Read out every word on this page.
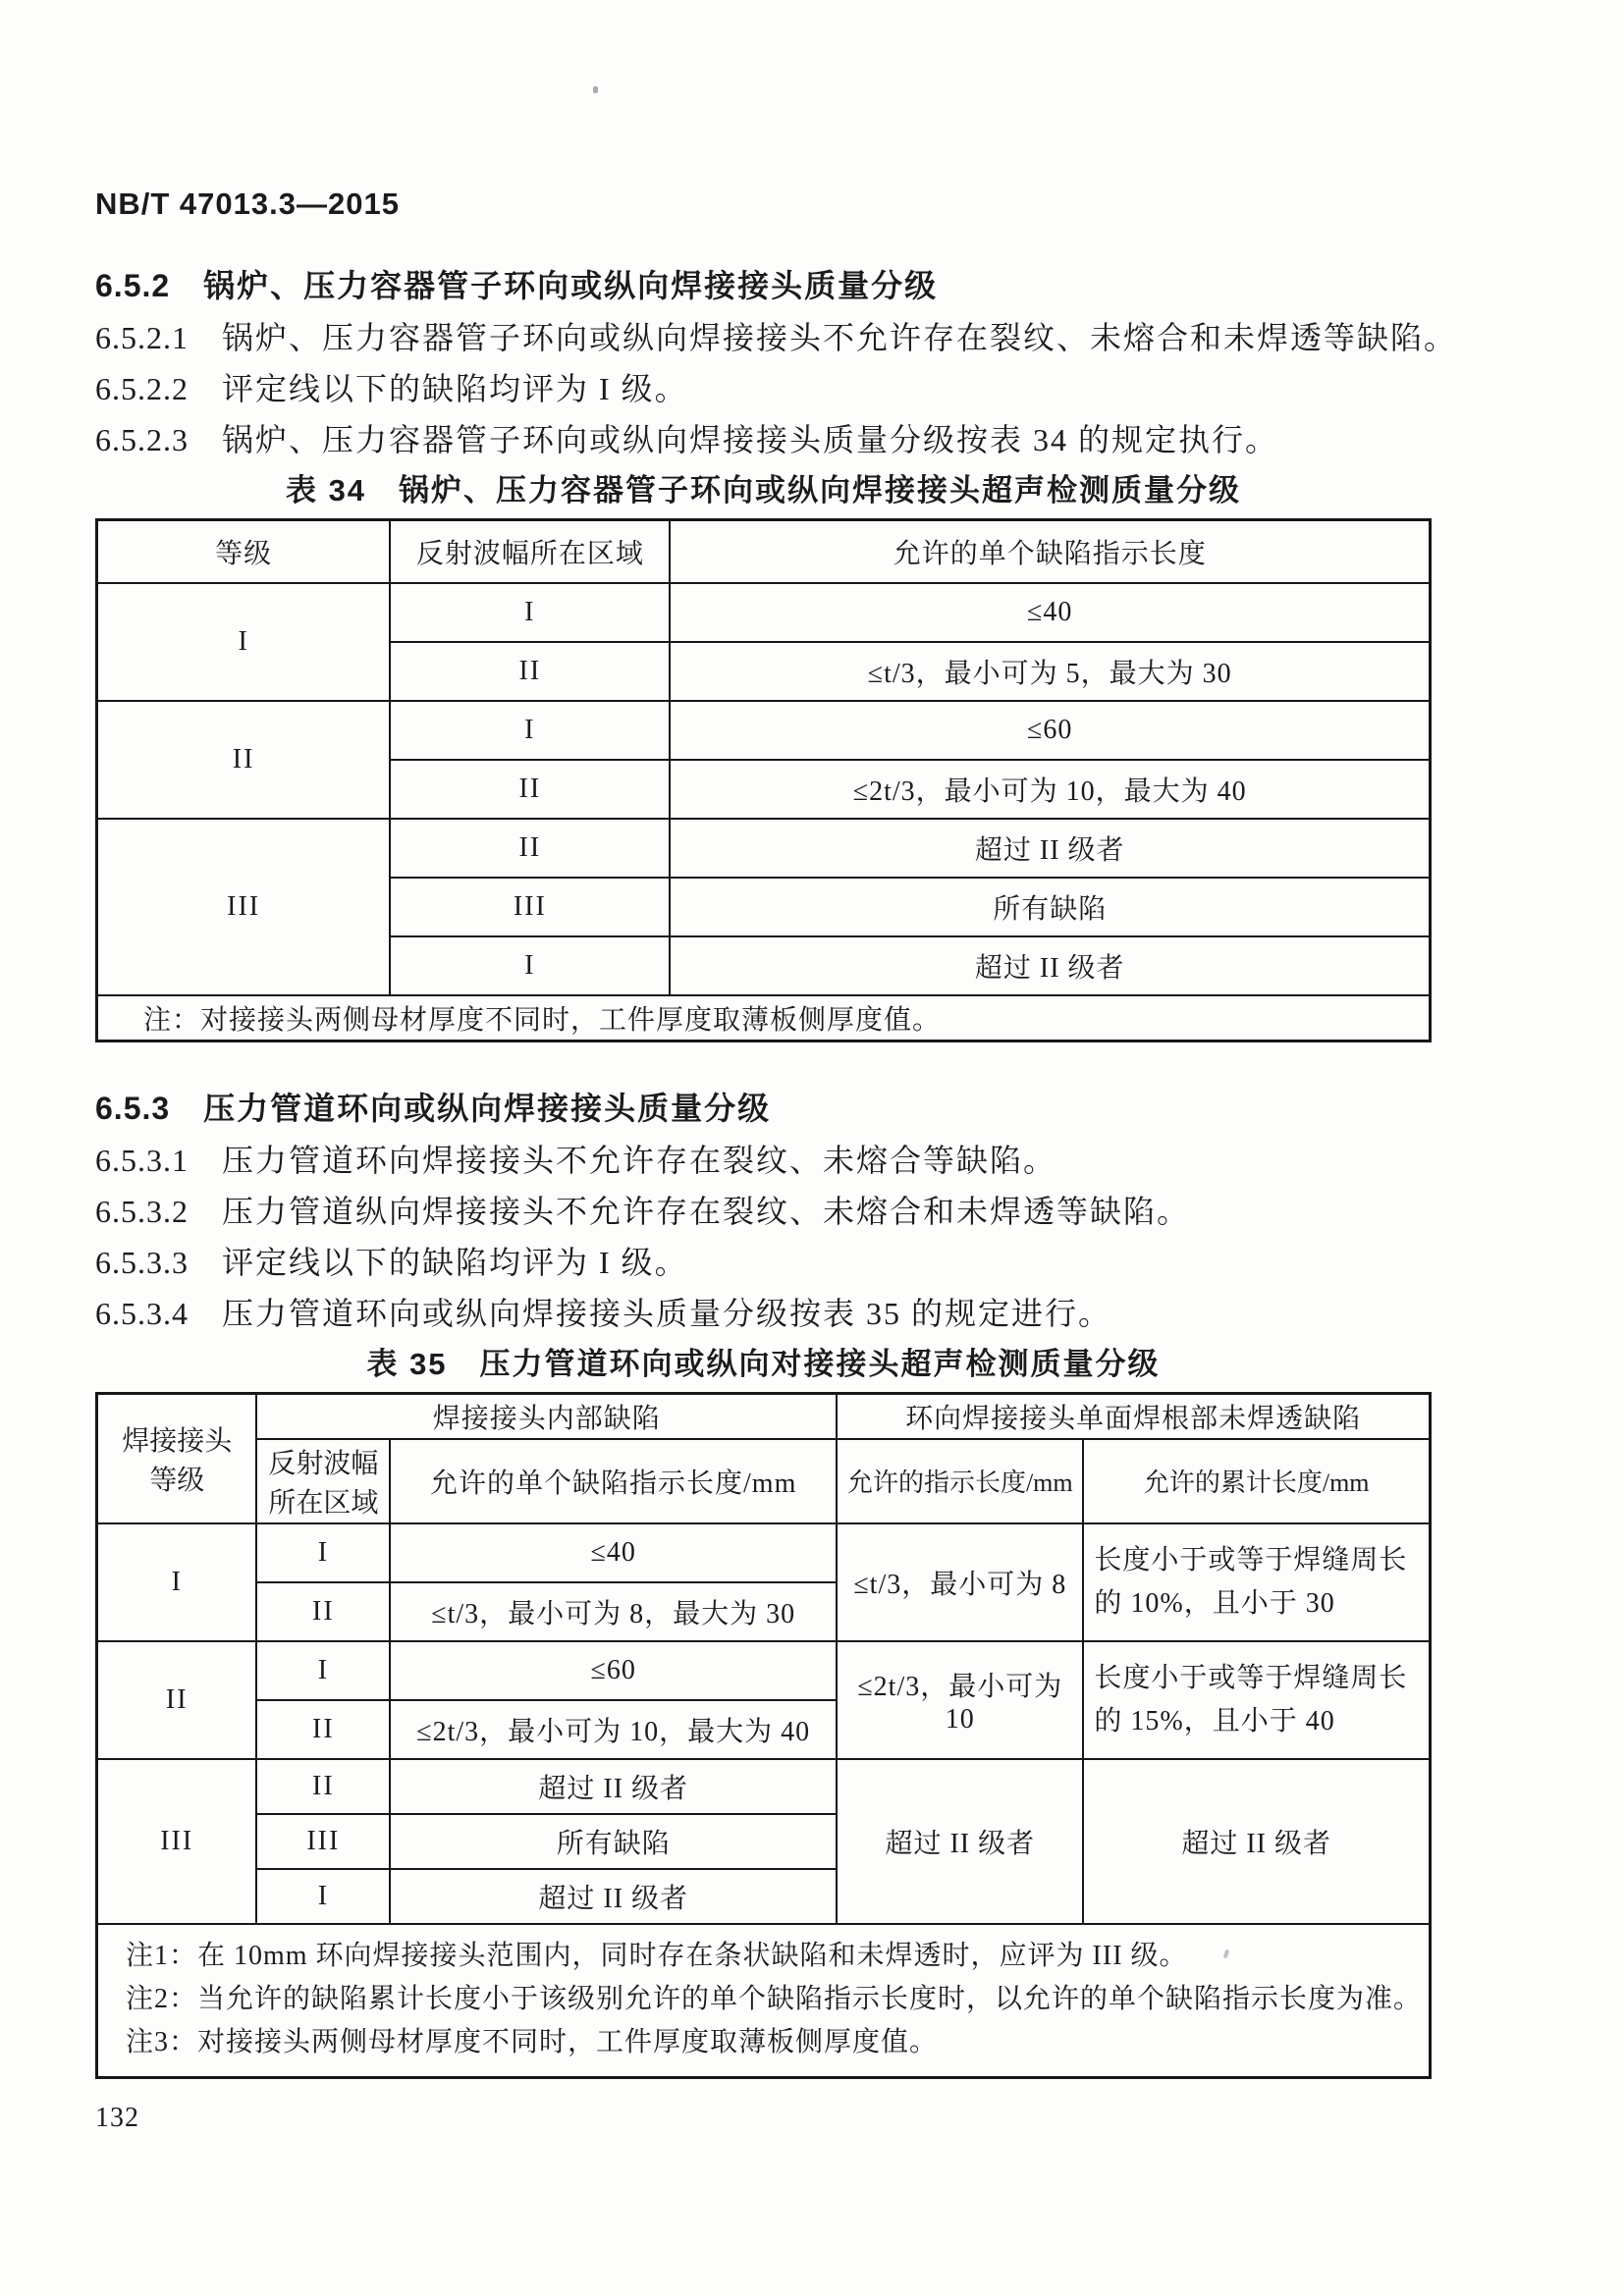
NB/T 47013.3—2015
6.5.2 锅炉、压力容器管子环向或纵向焊接接头质量分级
6.5.2.1 锅炉、压力容器管子环向或纵向焊接接头不允许存在裂纹、未熔合和未焊透等缺陷。
6.5.2.2 评定线以下的缺陷均评为 I 级。
6.5.2.3 锅炉、压力容器管子环向或纵向焊接接头质量分级按表 34 的规定执行。
表 34　锅炉、压力容器管子环向或纵向焊接接头超声检测质量分级
等级	反射波幅所在区域	允许的单个缺陷指示长度
I	I	≤40
	II	≤t/3，最小可为 5，最大为 30
II	I	≤60
	II	≤2t/3，最小可为 10，最大为 40
III	II	超过 II 级者
	III	所有缺陷
	I	超过 II 级者
注：对接接头两侧母材厚度不同时，工件厚度取薄板侧厚度值。		
6.5.3 压力管道环向或纵向焊接接头质量分级
6.5.3.1 压力管道环向焊接接头不允许存在裂纹、未熔合等缺陷。
6.5.3.2 压力管道纵向焊接接头不允许存在裂纹、未熔合和未焊透等缺陷。
6.5.3.3 评定线以下的缺陷均评为 I 级。
6.5.3.4 压力管道环向或纵向焊接接头质量分级按表 35 的规定进行。
表 35　压力管道环向或纵向对接接头超声检测质量分级
焊接接头等级	焊接接头内部缺陷		环向焊接接头单面焊根部未焊透缺陷	
	反射波幅所在区域	允许的单个缺陷指示长度/mm	允许的指示长度/mm	允许的累计长度/mm
I	I	≤40	≤t/3，最小可为 8	长度小于或等于焊缝周长的 10%，且小于 30
	II	≤t/3，最小可为 8，最大为 30		
II	I	≤60	≤2t/3，最小可为 10	长度小于或等于焊缝周长的 15%，且小于 40
	II	≤2t/3，最小可为 10，最大为 40		
III	II	超过 II 级者	超过 II 级者	超过 II 级者
	III	所有缺陷		
	I	超过 II 级者		

注1：在 10mm 环向焊接接头范围内，同时存在条状缺陷和未焊透时，应评为 III 级。
注2：当允许的缺陷累计长度小于该级别允许的单个缺陷指示长度时，以允许的单个缺陷指示长度为准。
注3：对接接头两侧母材厚度不同时，工件厚度取薄板侧厚度值。				
132
